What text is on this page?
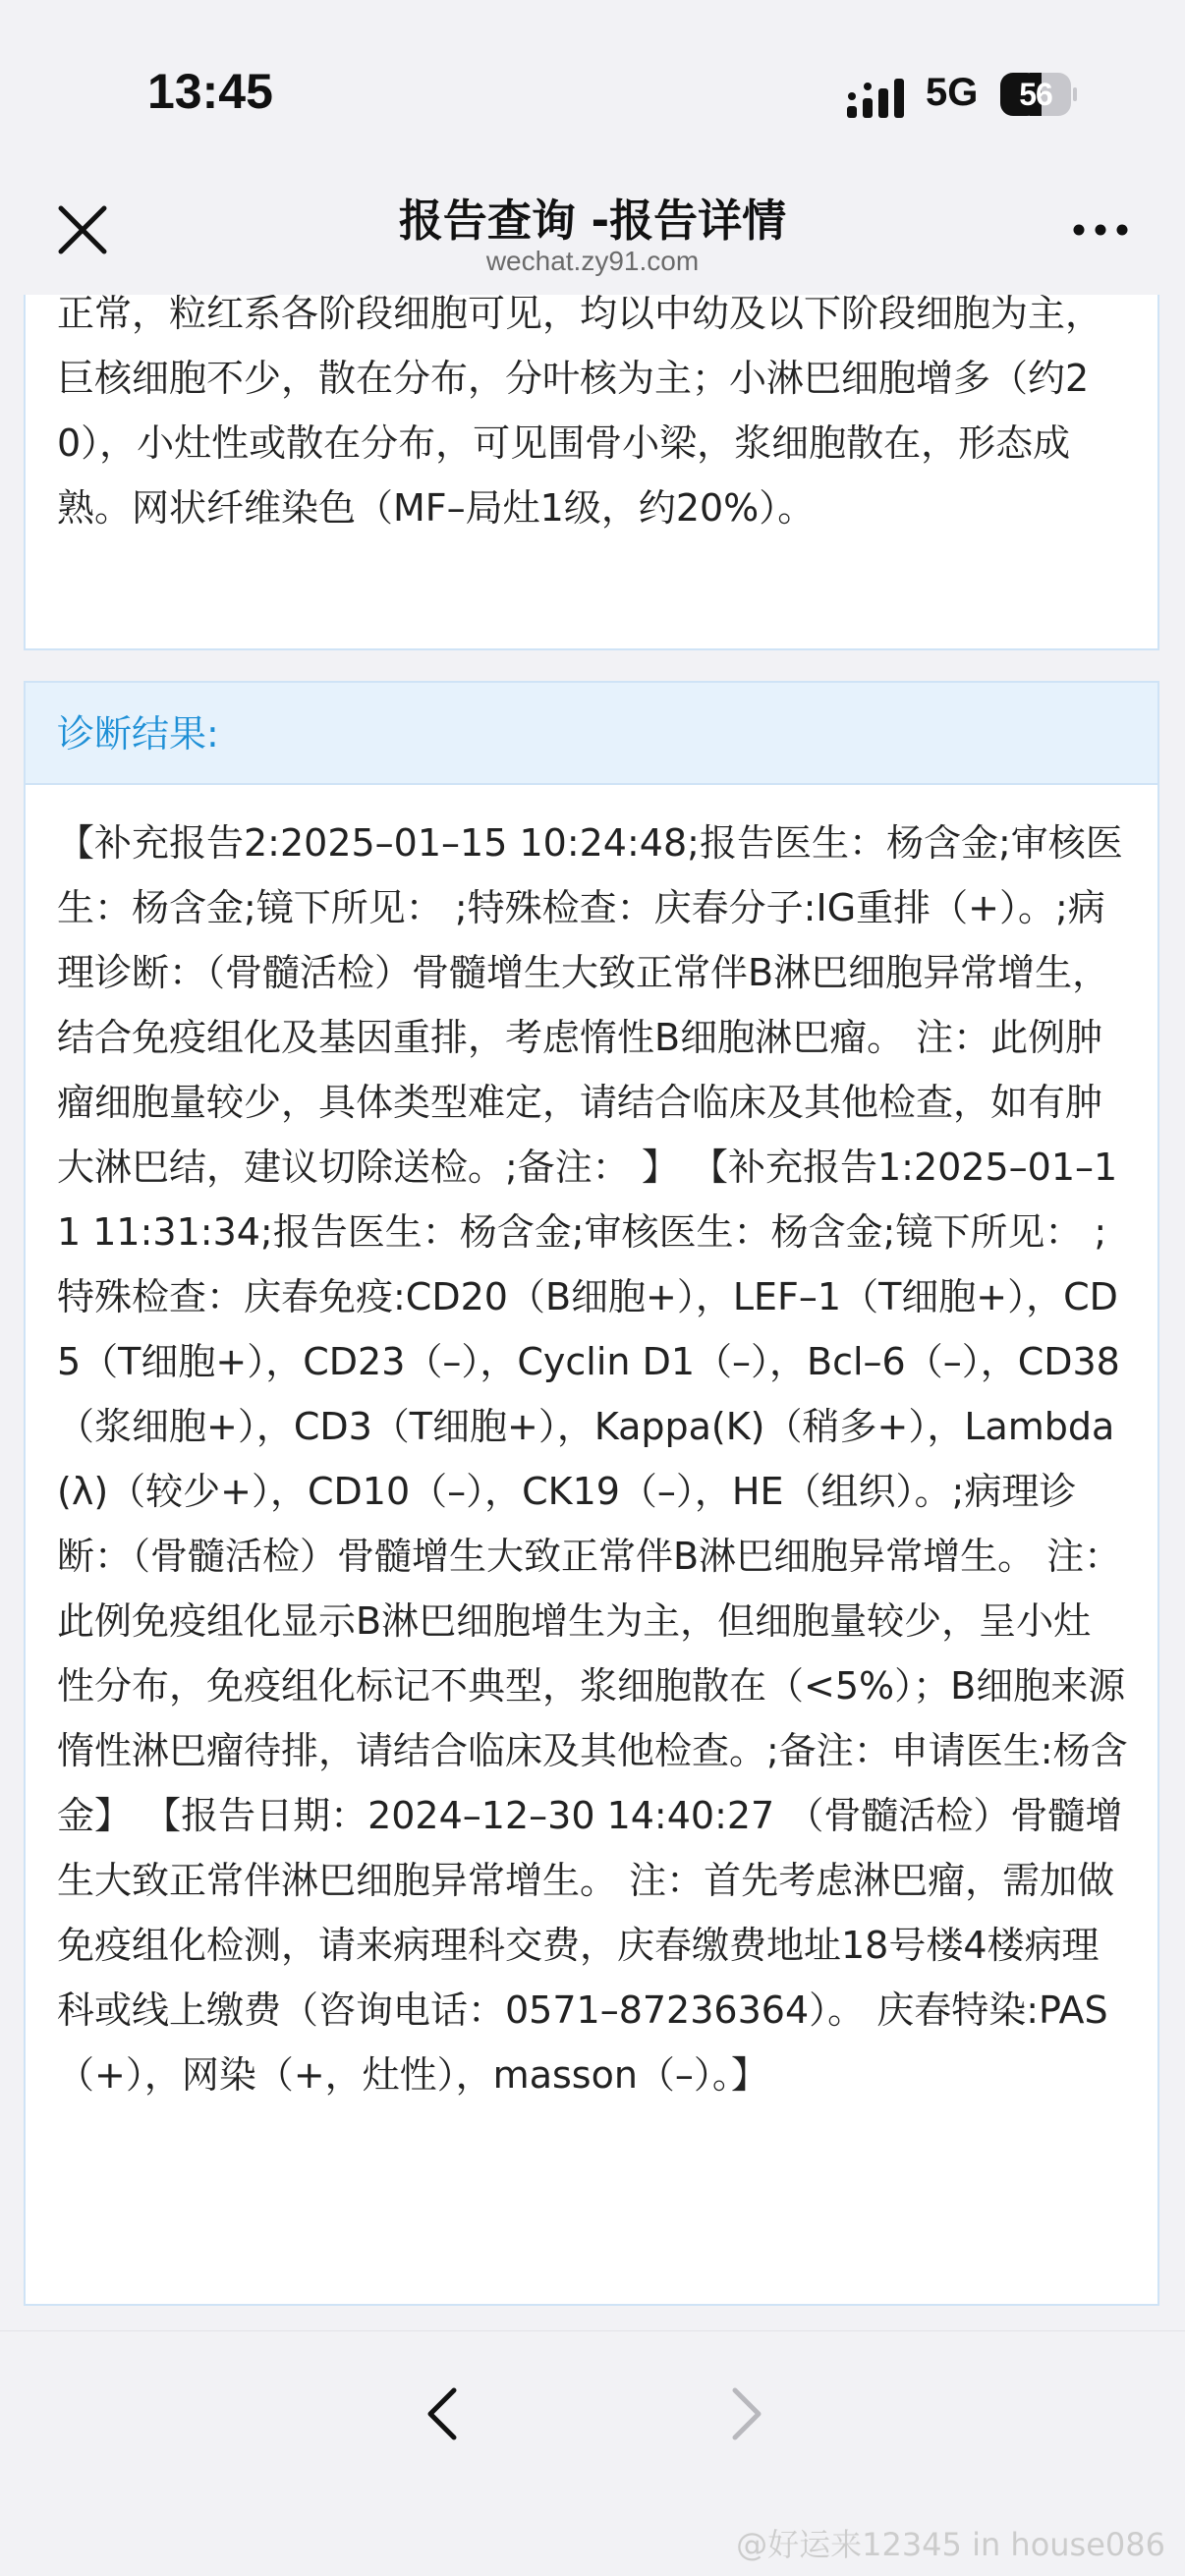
13:45	5G	56
报告查询 -报告详情
wechat.zy91.com
正常，粒红系各阶段细胞可见，均以中幼及以下阶段细胞为主，巨核细胞不少，散在分布，分叶核为主；小淋巴细胞增多（约20），小灶性或散在分布，可见围骨小梁，浆细胞散在，形态成熟。网状纤维染色（MF–局灶1级，约20%）。
诊断结果:
【补充报告2:2025–01–15 10:24:48;报告医生：杨含金;审核医生：杨含金;镜下所见： ;特殊检查：庆春分子:IG重排（+）。;病理诊断：（骨髓活检）骨髓增生大致正常伴B淋巴细胞异常增生，结合免疫组化及基因重排，考虑惰性B细胞淋巴瘤。 注：此例肿瘤细胞量较少，具体类型难定，请结合临床及其他检查，如有肿大淋巴结，建议切除送检。;备注： 】 【补充报告1:2025–01–11 11:31:34;报告医生：杨含金;审核医生：杨含金;镜下所见： ;特殊检查：庆春免疫:CD20（B细胞+），LEF–1（T细胞+），CD5（T细胞+），CD23（–），Cyclin D1（–），Bcl–6（–），CD38（浆细胞+），CD3（T细胞+），Kappa(K)（稍多+），Lambda(λ)（较少+），CD10（–），CK19（–），HE（组织）。;病理诊断：（骨髓活检）骨髓增生大致正常伴B淋巴细胞异常增生。 注：此例免疫组化显示B淋巴细胞增生为主，但细胞量较少，呈小灶性分布，免疫组化标记不典型，浆细胞散在（<5%）；B细胞来源惰性淋巴瘤待排，请结合临床及其他检查。;备注：申请医生:杨含金】 【报告日期：2024–12–30 14:40:27 （骨髓活检）骨髓增生大致正常伴淋巴细胞异常增生。 注：首先考虑淋巴瘤，需加做免疫组化检测，请来病理科交费，庆春缴费地址18号楼4楼病理科或线上缴费（咨询电话：0571–87236364）。 庆春特染:PAS（+），网染（+，灶性），masson（–）。】
@好运来12345 in house086
